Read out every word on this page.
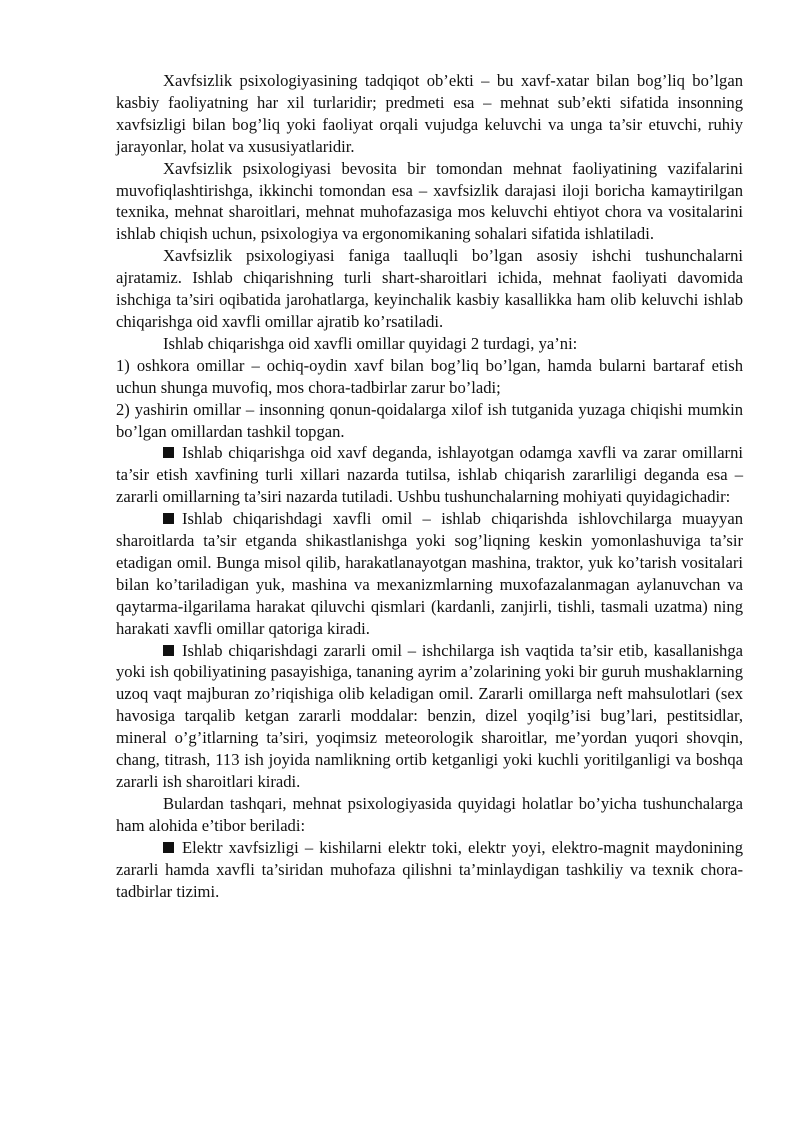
Xavfsizlik psixologiyasining tadqiqot ob’ekti – bu xavf-xatar bilan bog’liq bo’lgan kasbiy faoliyatning har xil turlaridir; predmeti esa – mehnat sub’ekti sifatida insonning xavfsizligi bilan bog’liq yoki faoliyat orqali vujudga keluvchi va unga ta’sir etuvchi, ruhiy jarayonlar, holat va xususiyatlaridir.

Xavfsizlik psixologiyasi bevosita bir tomondan mehnat faoliyatining vazifalarini muvofiqlashtirishga, ikkinchi tomondan esa – xavfsizlik darajasi iloji boricha kamaytirilgan texnika, mehnat sharoitlari, mehnat muhofazasiga mos keluvchi ehtiyot chora va vositalarini ishlab chiqish uchun, psixologiya va ergonomikaning sohalari sifatida ishlatiladi.

Xavfsizlik psixologiyasi faniga taalluqli bo’lgan asosiy ishchi tushunchalarni ajratamiz. Ishlab chiqarishning turli shart-sharoitlari ichida, mehnat faoliyati davomida ishchiga ta’siri oqibatida jarohatlarga, keyinchalik kasbiy kasallikka ham olib keluvchi ishlab chiqarishga oid xavfli omillar ajratib ko’rsatiladi.

Ishlab chiqarishga oid xavfli omillar quyidagi 2 turdagi, ya’ni:

1) oshkora omillar – ochiq-oydin xavf bilan bog’liq bo’lgan, hamda bularni bartaraf etish uchun shunga muvofiq, mos chora-tadbirlar zarur bo’ladi;

2) yashirin omillar – insonning qonun-qoidalarga xilof ish tutganida yuzaga chiqishi mumkin bo’lgan omillardan tashkil topgan.

Ishlab chiqarishga oid xavf deganda, ishlayotgan odamga xavfli va zarar omillarni ta’sir etish xavfining turli xillari nazarda tutilsa, ishlab chiqarish zararliligi deganda esa – zararli omillarning ta’siri nazarda tutiladi. Ushbu tushunchalarning mohiyati quyidagichadir:

Ishlab chiqarishdagi xavfli omil – ishlab chiqarishda ishlovchilarga muayyan sharoitlarda ta’sir etganda shikastlanishga yoki sog’liqning keskin yomonlashuviga ta’sir etadigan omil. Bunga misol qilib, harakatlanayotgan mashina, traktor, yuk ko’tarish vositalari bilan ko’tariladigan yuk, mashina va mexanizmlarning muxofazalanmagan aylanuvchan va qaytarma-ilgarilama harakat qiluvchi qismlari (kardanli, zanjirli, tishli, tasmali uzatma) ning harakati xavfli omillar qatoriga kiradi.

Ishlab chiqarishdagi zararli omil – ishchilarga ish vaqtida ta’sir etib, kasallanishga yoki ish qobiliyatining pasayishiga, tananing ayrim a’zolarining yoki bir guruh mushaklarning uzoq vaqt majburan zo’riqishiga olib keladigan omil. Zararli omillarga neft mahsulotlari (sex havosiga tarqalib ketgan zararli moddalar: benzin, dizel yoqilg’isi bug’lari, pestitsidlar, mineral o’g’itlarning ta’siri, yoqimsiz meteorologik sharoitlar, me’yordan yuqori shovqin, chang, titrash, 113 ish joyida namlikning ortib ketganligi yoki kuchli yoritilganligi va boshqa zararli ish sharoitlari kiradi.

Bulardan tashqari, mehnat psixologiyasida quyidagi holatlar bo’yicha tushunchalarga ham alohida e’tibor beriladi:

Elektr xavfsizligi – kishilarni elektr toki, elektr yoyi, elektro-magnit maydonining zararli hamda xavfli ta’siridan muhofaza qilishni ta’minlaydigan tashkiliy va texnik chora-tadbirlar tizimi.
